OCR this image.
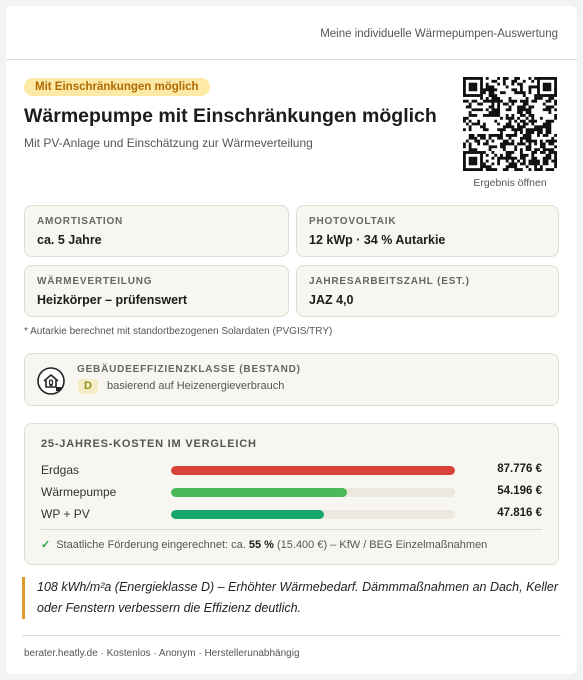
Meine individuelle Wärmepumpen-Auswertung
Mit Einschränkungen möglich
Wärmepumpe mit Einschränkungen möglich

Mit PV-Anlage und Einschätzung zur Wärmeverteilung

Ergebnis öffnen
AMORTISATION
ca. 5 Jahre
PHOTOVOLTAIK
12 kWp · 34 % Autarkie
WÄRMEVERTEILUNG
Heizkörper – prüfenswert
JAHRESARBEITSZAHL (EST.)
JAZ 4,0

* Autarkie berechnet mit standortbezogenen Solardaten (PVGIS/TRY)

GEBÄUDEEFFIZIENZKLASSE (BESTAND)
D	basierend auf Heizenergieverbrauch
25-JAHRES-KOSTEN IM VERGLEICH
Erdgas	87.776 €
Wärmepumpe	54.196 €
WP + PV	47.816 €

✓ Staatliche Förderung eingerechnet: ca. 55 % (15.400 €) – KfW / BEG Einzelmaßnahmen

108 kWh/m²a (Energieklasse D) – Erhöhter Wärmebedarf. Dämmmaßnahmen an Dach, Keller oder Fenstern verbessern die Effizienz deutlich.

berater.heatly.de · Kostenlos · Anonym · Herstellerunabhängig
